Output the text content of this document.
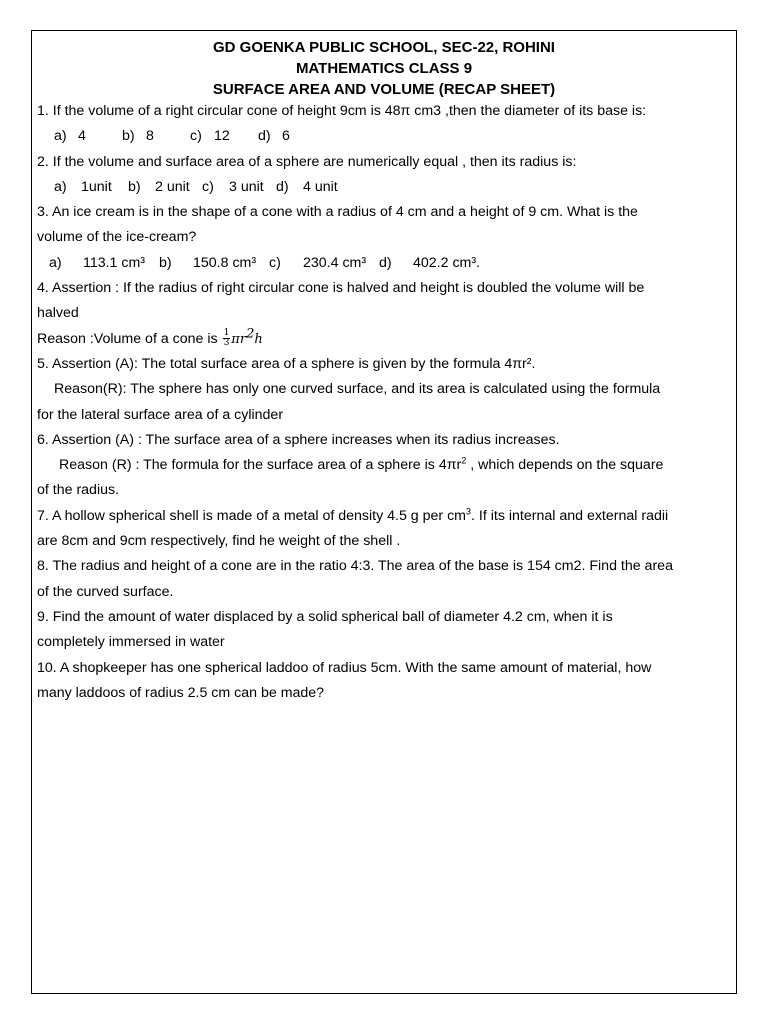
GD GOENKA PUBLIC SCHOOL, SEC-22, ROHINI
MATHEMATICS CLASS 9
SURFACE AREA AND VOLUME (RECAP SHEET)
1. If the volume of a right circular cone of height 9cm is 48π cm3 ,then the diameter of its base is:
a) 4	b) 8	c) 12 d) 6
2. If the volume and surface area of a sphere are numerically equal , then its radius is:
a) 1unit b) 2 unit c) 3 unit d) 4 unit
3. An ice cream is in the shape of a cone with a radius of 4 cm and a height of 9 cm. What is the
volume of the ice-cream?
a) 113.1 cm³ b) 150.8 cm³ c) 230.4 cm³ d) 402.2 cm³.
4. Assertion : If the radius of right circular cone is halved and height is doubled the volume will be
halved
Reason :Volume of a cone is $\frac{1}{3} \pi r^2h$
5. Assertion (A): The total surface area of a sphere is given by the formula 4πr².
Reason(R): The sphere has only one curved surface, and its area is calculated using the formula
for the lateral surface area of a cylinder
6. Assertion (A) : The surface area of a sphere increases when its radius increases.
Reason (R) : The formula for the surface area of a sphere is $4\pi r^2$ , which depends on the square
of the radius.
7. A hollow spherical shell is made of a metal of density 4.5 g per $cm^3$. If its internal and external radii
are 8cm and 9cm respectively, find he weight of the shell .
8. The radius and height of a cone are in the ratio 4:3. The area of the base is 154 cm2. Find the area
of the curved surface.
9. Find the amount of water displaced by a solid spherical ball of diameter 4.2 cm, when it is
completely immersed in water
10. A shopkeeper has one spherical laddoo of radius 5cm. With the same amount of material, how
many laddoos of radius 2.5 cm can be made?
